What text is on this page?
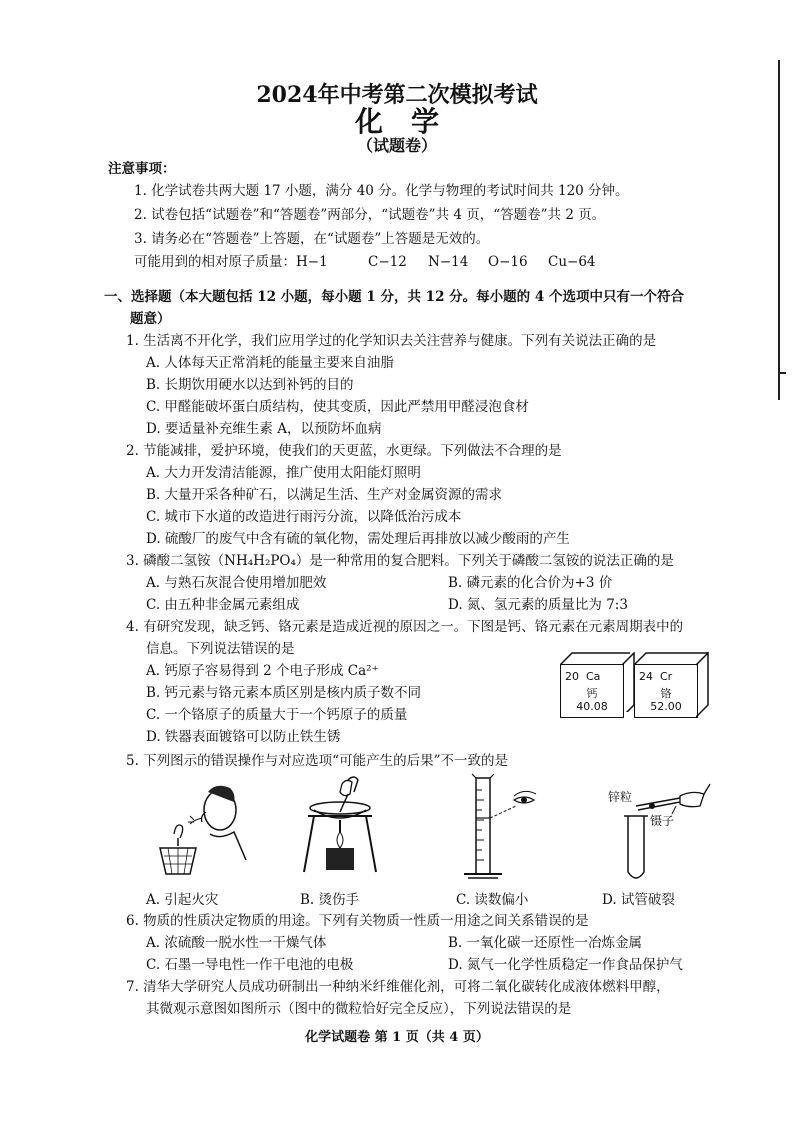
2024年中考第二次模拟考试
化学
（试题卷）
注意事项：
1. 化学试卷共两大题 17 小题，满分 40 分。化学与物理的考试时间共 120 分钟。
2. 试卷包括“试题卷”和“答题卷”两部分，“试题卷”共 4 页，“答题卷”共 2 页。
3. 请务必在“答题卷”上答题，在“试题卷”上答题是无效的。
可能用到的相对原子质量：H−1	C−12 N−14 O−16 Cu−64
一、选择题（本大题包括 12 小题，每小题 1 分，共 12 分。每小题的 4 个选项中只有一个符合
题意）
1. 生活离不开化学，我们应用学过的化学知识去关注营养与健康。下列有关说法正确的是
A. 人体每天正常消耗的能量主要来自油脂
B. 长期饮用硬水以达到补钙的目的
C. 甲醛能破坏蛋白质结构，使其变质，因此严禁用甲醛浸泡食材
D. 要适量补充维生素 A，以预防坏血病
2. 节能减排，爱护环境，使我们的天更蓝，水更绿。下列做法不合理的是
A. 大力开发清洁能源，推广使用太阳能灯照明
B. 大量开采各种矿石，以满足生活、生产对金属资源的需求
C. 城市下水道的改造进行雨污分流，以降低治污成本
D. 硫酸厂的废气中含有硫的氧化物，需处理后再排放以减少酸雨的产生
3. 磷酸二氢铵（NH₄H₂PO₄）是一种常用的复合肥料。下列关于磷酸二氢铵的说法正确的是
A. 与熟石灰混合使用增加肥效	B. 磷元素的化合价为+3 价
C. 由五种非金属元素组成	D. 氮、氢元素的质量比为 7:3
4. 有研究发现，缺乏钙、铬元素是造成近视的原因之一。下图是钙、铬元素在元素周期表中的
信息。下列说法错误的是
A. 钙原子容易得到 2 个电子形成 Ca²⁺
B. 钙元素与铬元素本质区别是核内质子数不同
C. 一个铬原子的质量大于一个钙原子的质量
D. 铁器表面镀铬可以防止铁生锈
20 Ca
钙
40.08
24 Cr
铬
52.00
5. 下列图示的错误操作与对应选项“可能产生的后果”不一致的是
锌粒
镊子
A. 引起火灾	B. 烫伤手	C. 读数偏小	D. 试管破裂
6. 物质的性质决定物质的用途。下列有关物质一性质一用途之间关系错误的是
A. 浓硫酸一脱水性一干燥气体	B. 一氧化碳一还原性一冶炼金属
C. 石墨一导电性一作干电池的电极	D. 氮气一化学性质稳定一作食品保护气
7. 清华大学研究人员成功研制出一种纳米纤维催化剂，可将二氧化碳转化成液体燃料甲醇，
其微观示意图如图所示（图中的微粒恰好完全反应），下列说法错误的是
化学试题卷 第 1 页（共 4 页）
